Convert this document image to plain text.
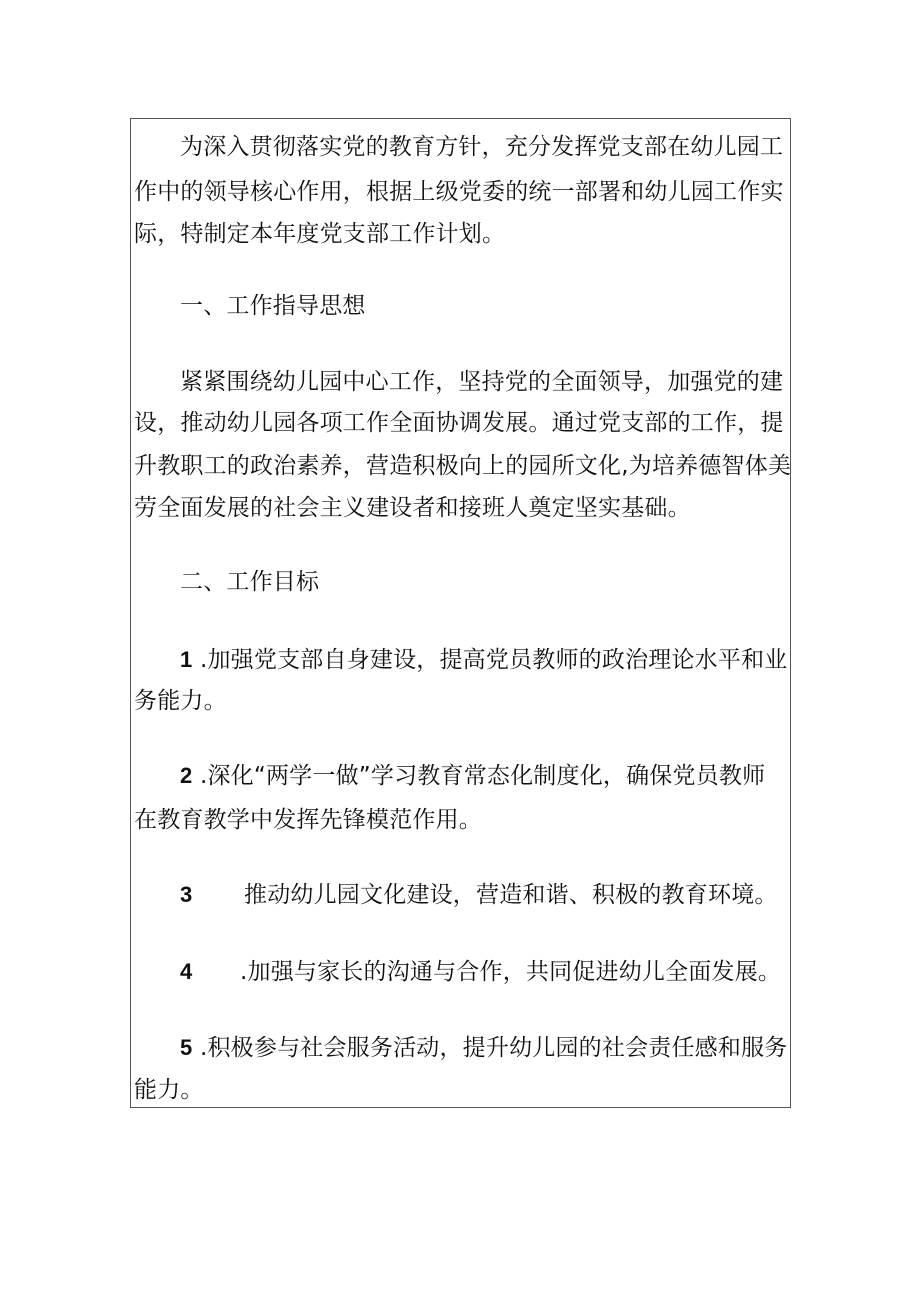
为深入贯彻落实党的教育方针，充分发挥党支部在幼儿园工
作中的领导核心作用，根据上级党委的统一部署和幼儿园工作实
际，特制定本年度党支部工作计划。
一、工作指导思想
紧紧围绕幼儿园中心工作，坚持党的全面领导，加强党的建
设，推动幼儿园各项工作全面协调发展。通过党支部的工作，提
升教职工的政治素养，营造积极向上的园所文化,为培养德智体美
劳全面发展的社会主义建设者和接班人奠定坚实基础。
二、工作目标
1 .加强党支部自身建设，提高党员教师的政治理论水平和业
务能力。
2 .深化“两学一做”学习教育常态化制度化，确保党员教师
在教育教学中发挥先锋模范作用。
3 推动幼儿园文化建设，营造和谐、积极的教育环境。
4 .加强与家长的沟通与合作，共同促进幼儿全面发展。
5 .积极参与社会服务活动，提升幼儿园的社会责任感和服务
能力。
